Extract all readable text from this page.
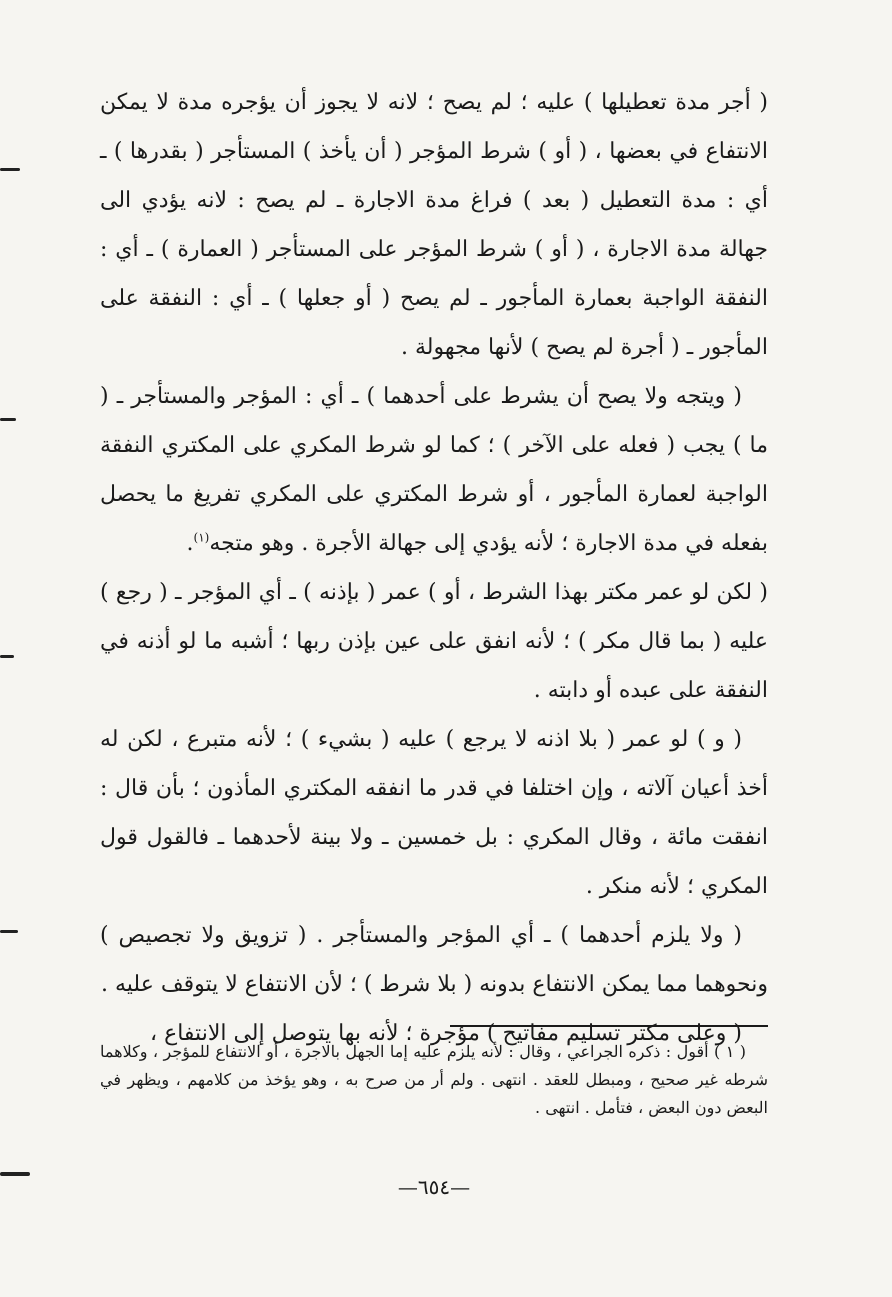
( أجر مدة تعطيلها ) عليه ؛ لم يصح ؛ لانه لا يجوز أن يؤجره مدة لا يمكن الانتفاع في بعضها ، ( أو ) شرط المؤجر ( أن يأخذ ) المستأجر ( بقدرها ) ـ أي : مدة التعطيل ( بعد ) فراغ مدة الاجارة ـ لم يصح : لانه يؤدي الى جهالة مدة الاجارة ، ( أو ) شرط المؤجر على المستأجر ( العمارة ) ـ أي : النفقة الواجبة بعمارة المأجور ـ لم يصح ( أو جعلها ) ـ أي : النفقة على المأجور ـ ( أجرة لم يصح ) لأنها مجهولة .

( ويتجه ولا يصح أن يشرط على أحدهما ) ـ أي : المؤجر والمستأجر ـ ( ما ) يجب ( فعله على الآخر ) ؛ كما لو شرط المكري على المكتري النفقة الواجبة لعمارة المأجور ، أو شرط المكتري على المكري تفريغ ما يحصل بفعله في مدة الاجارة ؛ لأنه يؤدي إلى جهالة الأجرة . وهو متجه$^{(١)}$.

( لكن لو عمر مكتر بهذا الشرط ، أو ) عمر ( بإذنه ) ـ أي المؤجر ـ ( رجع ) عليه ( بما قال مكر ) ؛ لأنه انفق على عين بإذن ربها ؛ أشبه ما لو أذنه في النفقة على عبده أو دابته .

( و ) لو عمر ( بلا اذنه لا يرجع ) عليه ( بشيء ) ؛ لأنه متبرع ، لكن له أخذ أعيان آلاته ، وإن اختلفا في قدر ما انفقه المكتري المأذون ؛ بأن قال : انفقت مائة ، وقال المكري : بل خمسين ـ ولا بينة لأحدهما ـ فالقول قول المكري ؛ لأنه منكر .

( ولا يلزم أحدهما ) ـ أي المؤجر والمستأجر . ( تزويق ولا تجصيص ) ونحوهما مما يمكن الانتفاع بدونه ( بلا شرط ) ؛ لأن الانتفاع لا يتوقف عليه .

( وعلى مكتر تسليم مفاتيح ) مؤجرة ؛ لأنه بها يتوصل إلى الانتفاع ،

( ١ ) أقول : ذكره الجراعي ، وقال : لأنه يلزم عليه إما الجهل بالاجرة ، أو الانتفاع للمؤجر ، وكلاهما شرطه غير صحيح ، ومبطل للعقد . انتهى . ولم أر من صرح به ، وهو يؤخذ من كلامهم ، ويظهر في البعض دون البعض ، فتأمل . انتهى .
—٦٥٤—
